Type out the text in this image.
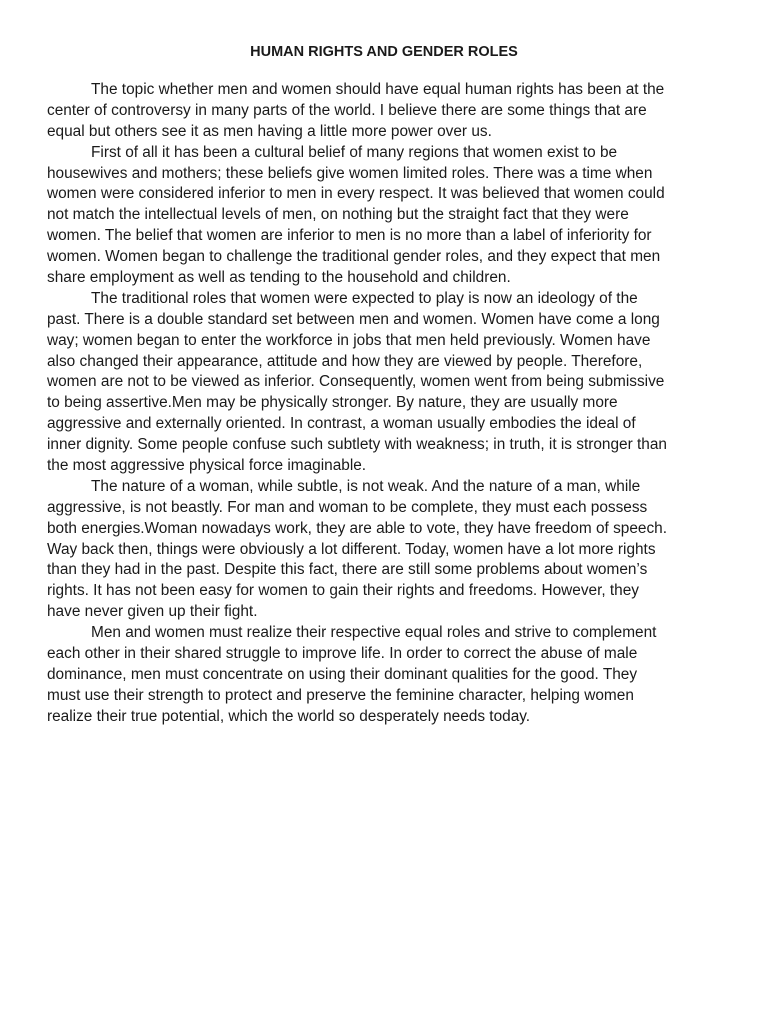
HUMAN RIGHTS AND GENDER ROLES
The topic whether men and women should have equal human rights has been at the
center of controversy in many parts of the world. I believe there are some things that are
equal but others see it as men having a little more power over us.
First of all it has been a cultural belief of many regions that women exist to be
housewives and mothers; these beliefs give women limited roles. There was a time when
women were considered inferior to men in every respect. It was believed that women could
not match the intellectual levels of men, on nothing but the straight fact that they were
women. The belief that women are inferior to men is no more than a label of inferiority for
women. Women began to challenge the traditional gender roles, and they expect that men
share employment as well as tending to the household and children.
The traditional roles that women were expected to play is now an ideology of the
past. There is a double standard set between men and women. Women have come a long
way; women began to enter the workforce in jobs that men held previously. Women have
also changed their appearance, attitude and how they are viewed by people. Therefore,
women are not to be viewed as inferior. Consequently, women went from being submissive
to being assertive.Men may be physically stronger. By nature, they are usually more
aggressive and externally oriented. In contrast, a woman usually embodies the ideal of
inner dignity. Some people confuse such subtlety with weakness; in truth, it is stronger than
the most aggressive physical force imaginable.
The nature of a woman, while subtle, is not weak. And the nature of a man, while
aggressive, is not beastly. For man and woman to be complete, they must each possess
both energies.Woman nowadays work, they are able to vote, they have freedom of speech.
Way back then, things were obviously a lot different. Today, women have a lot more rights
than they had in the past. Despite this fact, there are still some problems about women’s
rights. It has not been easy for women to gain their rights and freedoms. However, they
have never given up their fight.
Men and women must realize their respective equal roles and strive to complement
each other in their shared struggle to improve life. In order to correct the abuse of male
dominance, men must concentrate on using their dominant qualities for the good. They
must use their strength to protect and preserve the feminine character, helping women
realize their true potential, which the world so desperately needs today.
